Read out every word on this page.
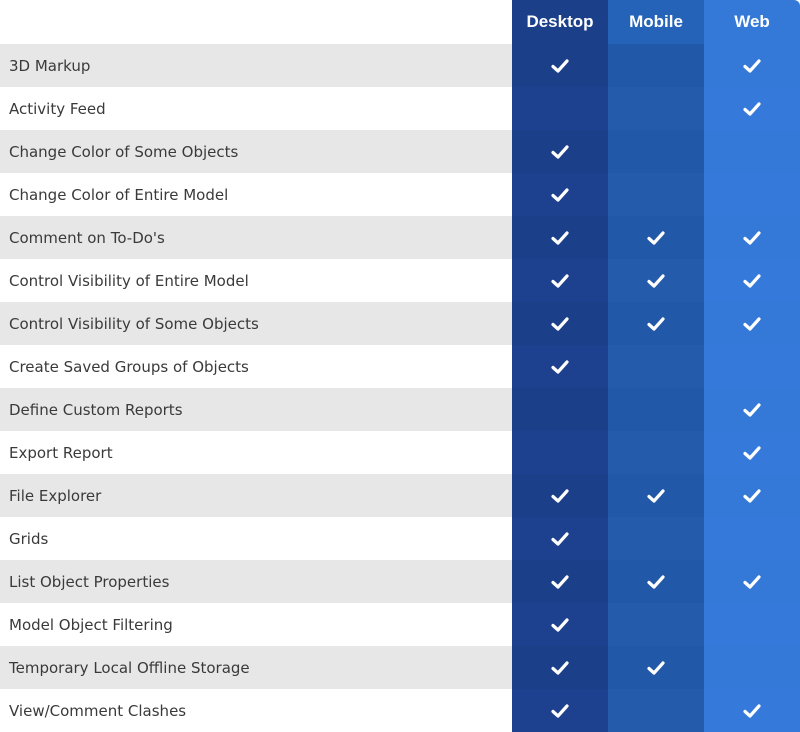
Desktop	Mobile	Web
3D Markup
Activity Feed
Change Color of Some Objects
Change Color of Entire Model
Comment on To-Do's
Control Visibility of Entire Model
Control Visibility of Some Objects
Create Saved Groups of Objects
Define Custom Reports
Export Report
File Explorer
Grids
List Object Properties
Model Object Filtering
Temporary Local Offline Storage
View/Comment Clashes
